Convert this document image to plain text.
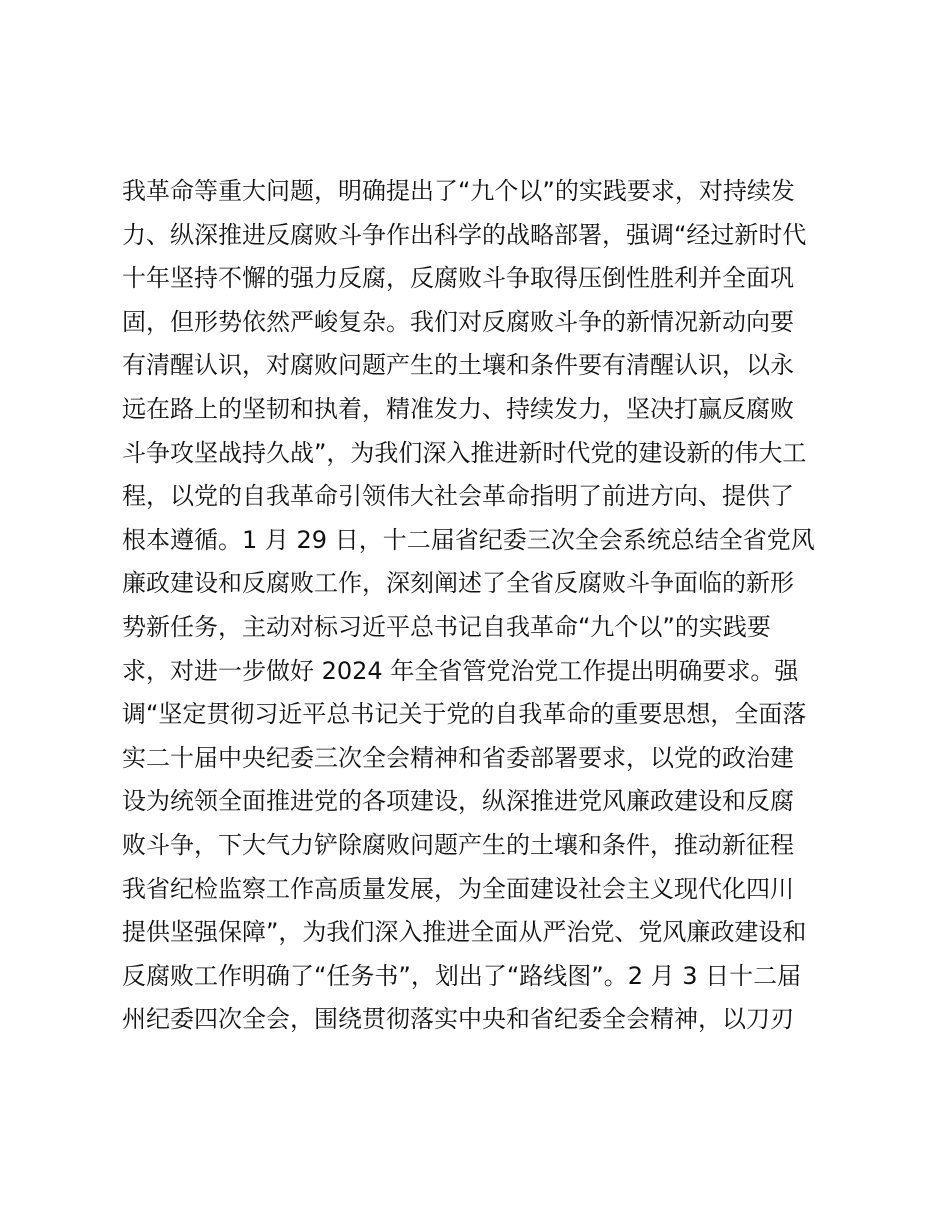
我革命等重大问题，明确提出了“九个以”的实践要求，对持续发
力、纵深推进反腐败斗争作出科学的战略部署，强调“经过新时代
十年坚持不懈的强力反腐，反腐败斗争取得压倒性胜利并全面巩
固，但形势依然严峻复杂。我们对反腐败斗争的新情况新动向要
有清醒认识，对腐败问题产生的土壤和条件要有清醒认识，以永
远在路上的坚韧和执着，精准发力、持续发力，坚决打赢反腐败
斗争攻坚战持久战”，为我们深入推进新时代党的建设新的伟大工
程，以党的自我革命引领伟大社会革命指明了前进方向、提供了
根本遵循。1 月 29 日，十二届省纪委三次全会系统总结全省党风
廉政建设和反腐败工作，深刻阐述了全省反腐败斗争面临的新形
势新任务，主动对标习近平总书记自我革命“九个以”的实践要
求，对进一步做好 2024 年全省管党治党工作提出明确要求。强
调“坚定贯彻习近平总书记关于党的自我革命的重要思想，全面落
实二十届中央纪委三次全会精神和省委部署要求，以党的政治建
设为统领全面推进党的各项建设，纵深推进党风廉政建设和反腐
败斗争，下大气力铲除腐败问题产生的土壤和条件，推动新征程
我省纪检监察工作高质量发展，为全面建设社会主义现代化四川
提供坚强保障”，为我们深入推进全面从严治党、党风廉政建设和
反腐败工作明确了“任务书”，划出了“路线图”。2 月 3 日十二届
州纪委四次全会，围绕贯彻落实中央和省纪委全会精神，以刀刃
